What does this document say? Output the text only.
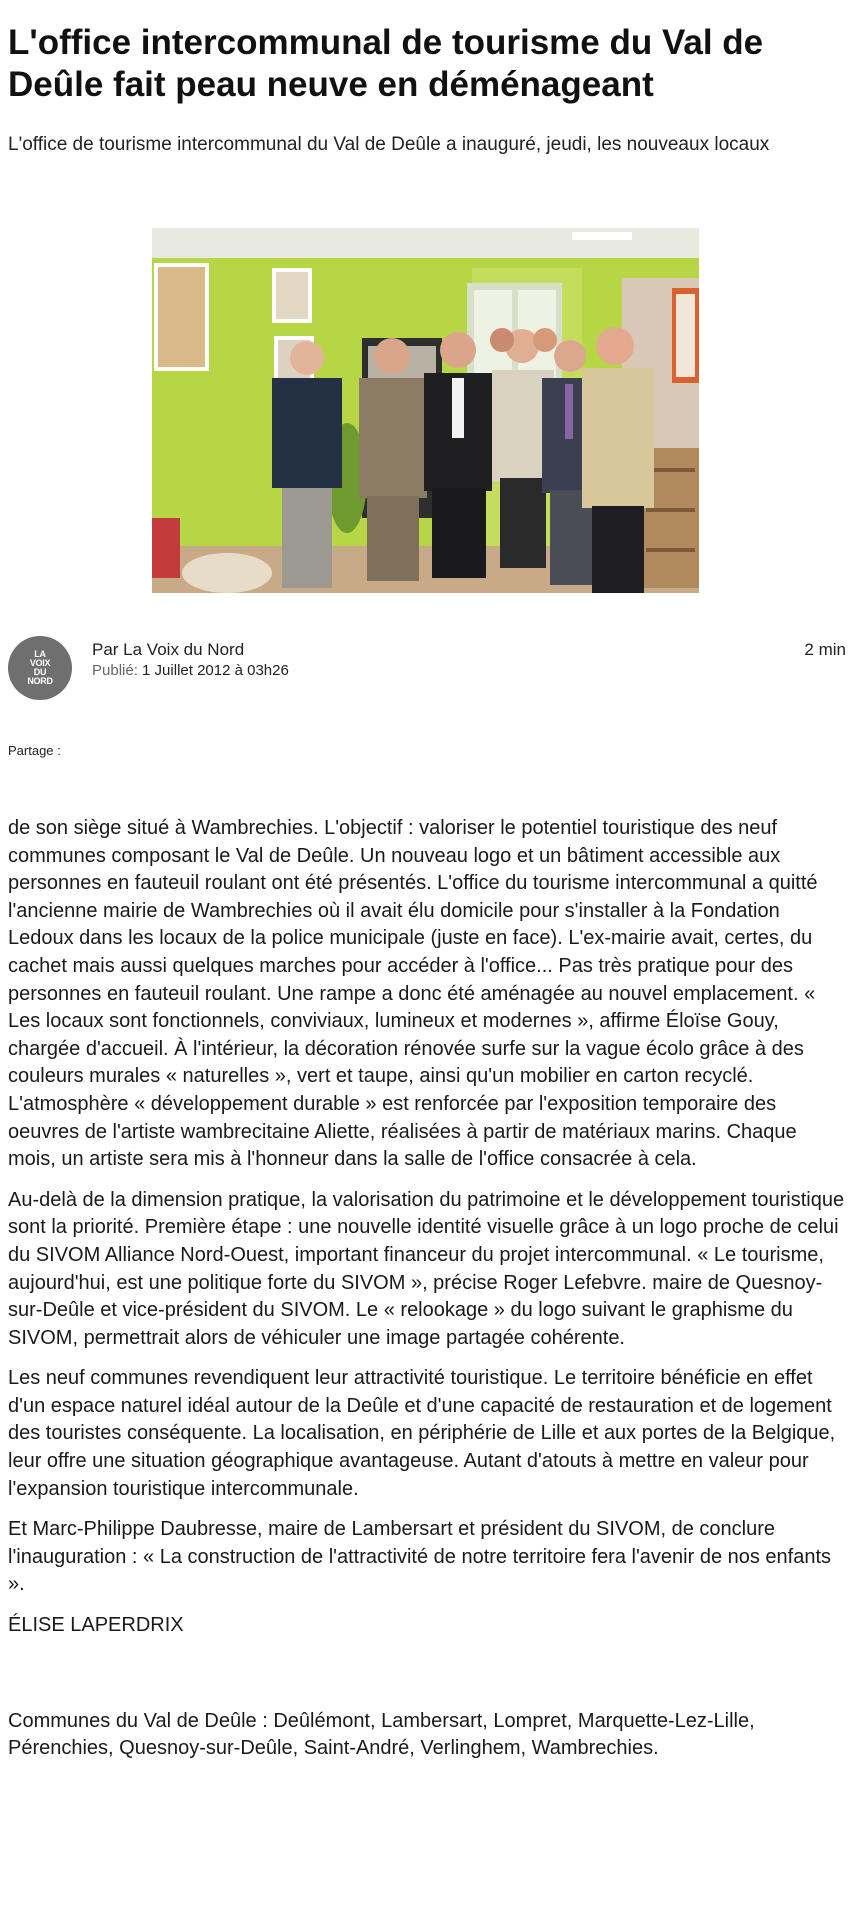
L'office intercommunal de tourisme du Val de Deûle fait peau neuve en déménageant

L'office de tourisme intercommunal du Val de Deûle a inauguré, jeudi, les nouveaux locaux

LA VOIX DU NORD
Par La Voix du Nord
Publié: 1 Juillet 2012 à 03h26
2 min
Partage :

de son siège situé à Wambrechies. L'objectif : valoriser le potentiel touristique des neuf communes composant le Val de Deûle. Un nouveau logo et un bâtiment accessible aux personnes en fauteuil roulant ont été présentés. L'office du tourisme intercommunal a quitté l'ancienne mairie de Wambrechies où il avait élu domicile pour s'installer à la Fondation Ledoux dans les locaux de la police municipale (juste en face). L'ex-mairie avait, certes, du cachet mais aussi quelques marches pour accéder à l'office... Pas très pratique pour des personnes en fauteuil roulant. Une rampe a donc été aménagée au nouvel emplacement. « Les locaux sont fonctionnels, conviviaux, lumineux et modernes », affirme Éloïse Gouy, chargée d'accueil. À l'intérieur, la décoration rénovée surfe sur la vague écolo grâce à des couleurs murales « naturelles », vert et taupe, ainsi qu'un mobilier en carton recyclé. L'atmosphère « développement durable » est renforcée par l'exposition temporaire des oeuvres de l'artiste wambrecitaine Aliette, réalisées à partir de matériaux marins. Chaque mois, un artiste sera mis à l'honneur dans la salle de l'office consacrée à cela.

Au-delà de la dimension pratique, la valorisation du patrimoine et le développement touristique sont la priorité. Première étape : une nouvelle identité visuelle grâce à un logo proche de celui du SIVOM Alliance Nord-Ouest, important financeur du projet intercommunal. « Le tourisme, aujourd'hui, est une politique forte du SIVOM », précise Roger Lefebvre. maire de Quesnoy-sur-Deûle et vice-président du SIVOM. Le « relookage » du logo suivant le graphisme du SIVOM, permettrait alors de véhiculer une image partagée cohérente.

Les neuf communes revendiquent leur attractivité touristique. Le territoire bénéficie en effet d'un espace naturel idéal autour de la Deûle et d'une capacité de restauration et de logement des touristes conséquente. La localisation, en périphérie de Lille et aux portes de la Belgique, leur offre une situation géographique avantageuse. Autant d'atouts à mettre en valeur pour l'expansion touristique intercommunale.

Et Marc-Philippe Daubresse, maire de Lambersart et président du SIVOM, de conclure l'inauguration : « La construction de l'attractivité de notre territoire fera l'avenir de nos enfants ».

ÉLISE LAPERDRIX

Communes du Val de Deûle : Deûlémont, Lambersart, Lompret, Marquette-Lez-Lille, Pérenchies, Quesnoy-sur-Deûle, Saint-André, Verlinghem, Wambrechies.
